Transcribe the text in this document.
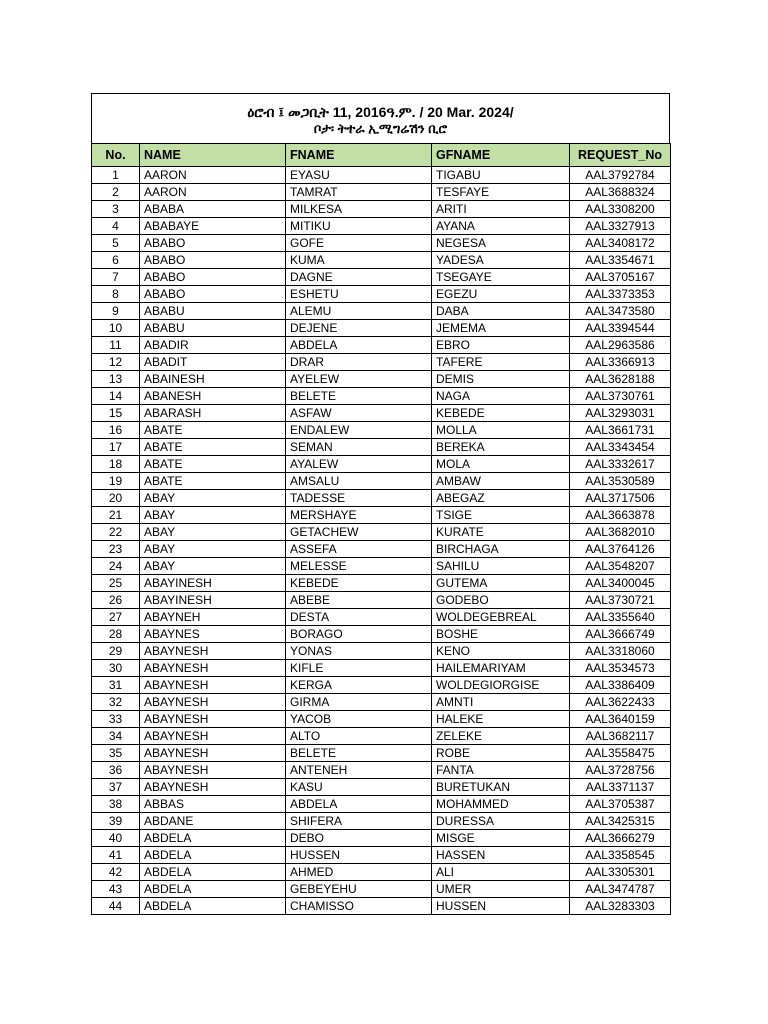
ዕሮብ ፤ መጋቢት 11, 2016ዓ.ም. / 20 Mar. 2024/
ቦታ፡ ትተራ ኢሚግሬሽን ቢሮ
No.	NAME	FNAME	GFNAME	REQUEST_No
1	AARON	EYASU	TIGABU	AAL3792784
2	AARON	TAMRAT	TESFAYE	AAL3688324
3	ABABA	MILKESA	ARITI	AAL3308200
4	ABABAYE	MITIKU	AYANA	AAL3327913
5	ABABO	GOFE	NEGESA	AAL3408172
6	ABABO	KUMA	YADESA	AAL3354671
7	ABABO	DAGNE	TSEGAYE	AAL3705167
8	ABABO	ESHETU	EGEZU	AAL3373353
9	ABABU	ALEMU	DABA	AAL3473580
10	ABABU	DEJENE	JEMEMA	AAL3394544
11	ABADIR	ABDELA	EBRO	AAL2963586
12	ABADIT	DRAR	TAFERE	AAL3366913
13	ABAINESH	AYELEW	DEMIS	AAL3628188
14	ABANESH	BELETE	NAGA	AAL3730761
15	ABARASH	ASFAW	KEBEDE	AAL3293031
16	ABATE	ENDALEW	MOLLA	AAL3661731
17	ABATE	SEMAN	BEREKA	AAL3343454
18	ABATE	AYALEW	MOLA	AAL3332617
19	ABATE	AMSALU	AMBAW	AAL3530589
20	ABAY	TADESSE	ABEGAZ	AAL3717506
21	ABAY	MERSHAYE	TSIGE	AAL3663878
22	ABAY	GETACHEW	KURATE	AAL3682010
23	ABAY	ASSEFA	BIRCHAGA	AAL3764126
24	ABAY	MELESSE	SAHILU	AAL3548207
25	ABAYINESH	KEBEDE	GUTEMA	AAL3400045
26	ABAYINESH	ABEBE	GODEBO	AAL3730721
27	ABAYNEH	DESTA	WOLDEGEBREAL	AAL3355640
28	ABAYNES	BORAGO	BOSHE	AAL3666749
29	ABAYNESH	YONAS	KENO	AAL3318060
30	ABAYNESH	KIFLE	HAILEMARIYAM	AAL3534573
31	ABAYNESH	KERGA	WOLDEGIORGISE	AAL3386409
32	ABAYNESH	GIRMA	AMNTI	AAL3622433
33	ABAYNESH	YACOB	HALEKE	AAL3640159
34	ABAYNESH	ALTO	ZELEKE	AAL3682117
35	ABAYNESH	BELETE	ROBE	AAL3558475
36	ABAYNESH	ANTENEH	FANTA	AAL3728756
37	ABAYNESH	KASU	BURETUKAN	AAL3371137
38	ABBAS	ABDELA	MOHAMMED	AAL3705387
39	ABDANE	SHIFERA	DURESSA	AAL3425315
40	ABDELA	DEBO	MISGE	AAL3666279
41	ABDELA	HUSSEN	HASSEN	AAL3358545
42	ABDELA	AHMED	ALI	AAL3305301
43	ABDELA	GEBEYEHU	UMER	AAL3474787
44	ABDELA	CHAMISSO	HUSSEN	AAL3283303
